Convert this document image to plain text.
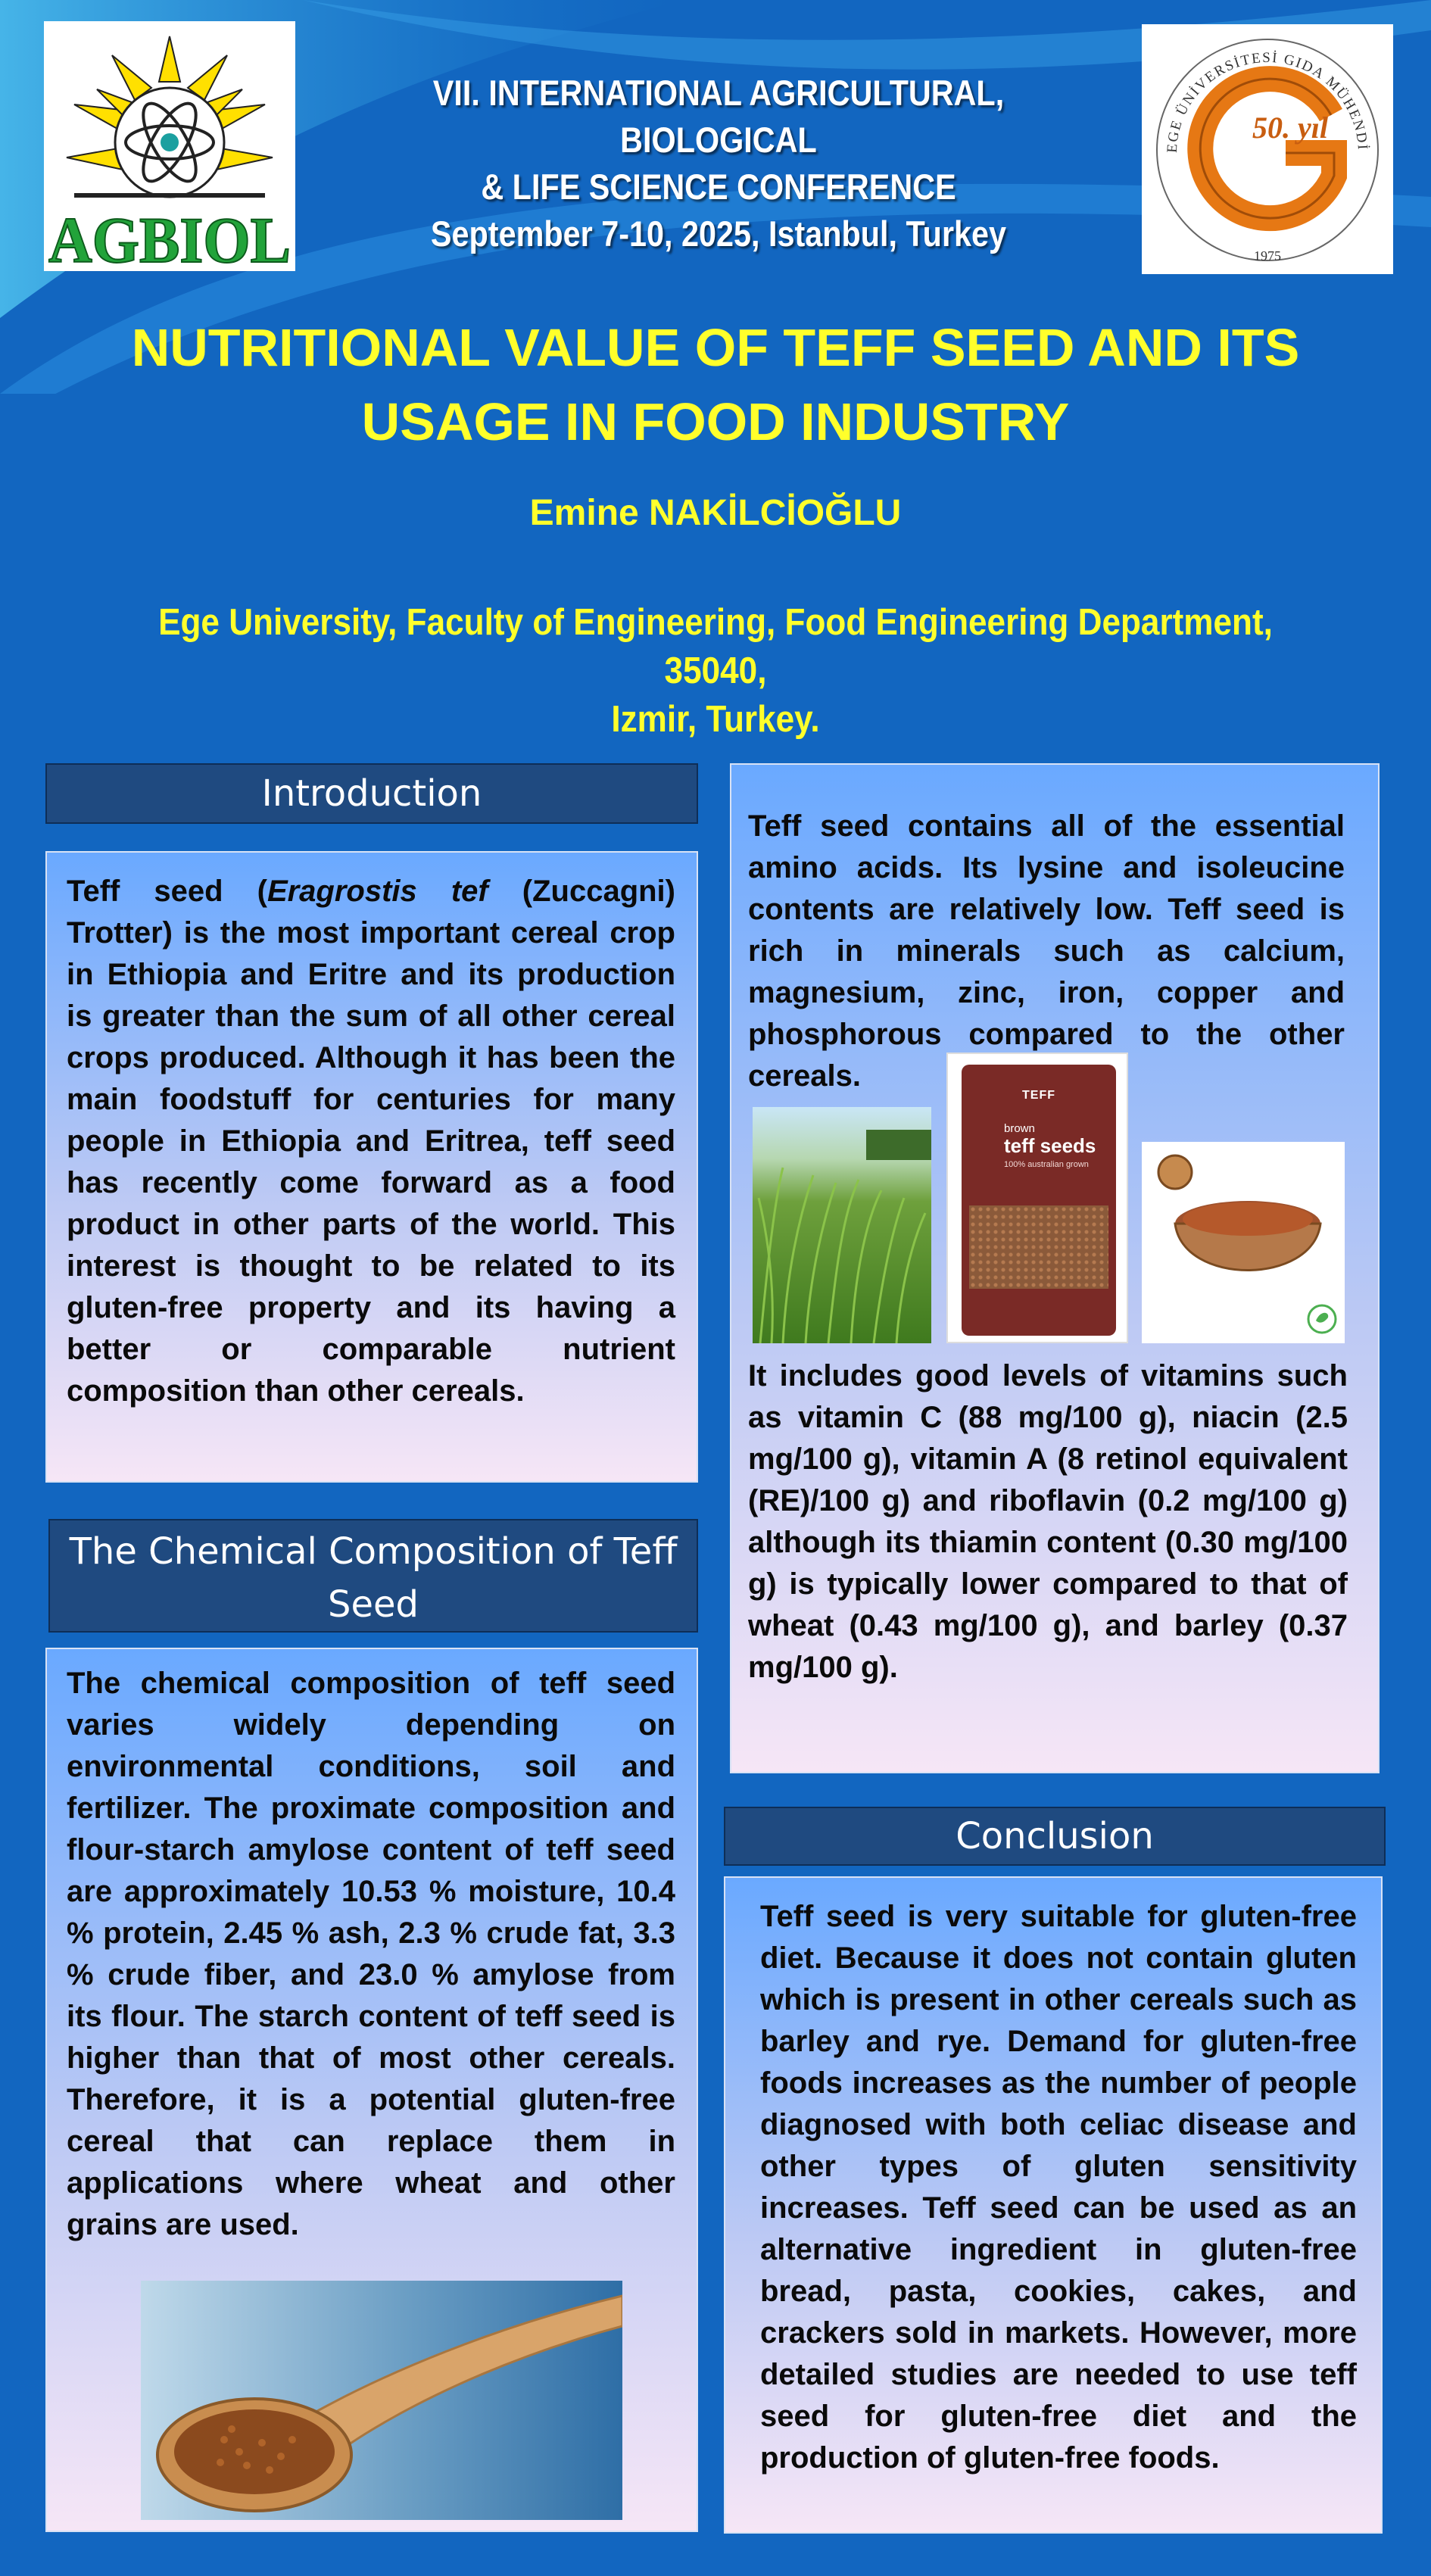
AGBIOL
EGE ÜNİVERSİTESİ GIDA MÜHENDİ
50. yıl
1975
VII. INTERNATIONAL AGRICULTURAL, BIOLOGICAL
& LIFE SCIENCE CONFERENCE
September 7-10, 2025, Istanbul, Turkey
NUTRITIONAL VALUE OF TEFF SEED AND ITS
USAGE IN FOOD INDUSTRY
Emine NAKİLCİOĞLU
Ege University, Faculty of Engineering, Food Engineering Department, 35040,
Izmir, Turkey.
Introduction
Teff seed (Eragrostis tef (Zuccagni) Trotter) is the most important cereal crop in Ethiopia and Eritre and its production is greater than the sum of all other cereal crops produced. Although it has been the main foodstuff for centuries for many people in Ethiopia and Eritrea, teff seed has recently come forward as a food product in other parts of the world. This interest is thought to be related to its gluten-free property and its having a better or comparable nutrient composition than other cereals.
The Chemical Composition of Teff Seed
The chemical composition of teff seed varies widely depending on environmental conditions, soil and fertilizer. The proximate composition and flour-starch amylose content of teff seed are approximately 10.53 % moisture, 10.4 % protein, 2.45 % ash, 2.3 % crude fat, 3.3 % crude fiber, and 23.0 % amylose from its flour. The starch content of teff seed is higher than that of most other cereals. Therefore, it is a potential gluten-free cereal that can replace them in applications where wheat and other grains are used.
Teff seed contains all of the essential amino acids. Its lysine and isoleucine contents are relatively low. Teff seed is rich in minerals such as calcium, magnesium, zinc, iron, copper and phosphorous compared to the other cereals.
TEFF
brown
teff seeds
100% australian grown
It includes good levels of vitamins such as vitamin C (88 mg/100 g), niacin (2.5 mg/100 g), vitamin A (8 retinol equivalent (RE)/100 g) and riboflavin (0.2 mg/100 g) although its thiamin content (0.30 mg/100 g) is typically lower compared to that of wheat (0.43 mg/100 g), and barley (0.37 mg/100 g).
Conclusion
Teff seed is very suitable for gluten-free diet. Because it does not contain gluten which is present in other cereals such as barley and rye. Demand for gluten-free foods increases as the number of people diagnosed with both celiac disease and other types of gluten sensitivity increases. Teff seed can be used as an alternative ingredient in gluten-free bread, pasta, cookies, cakes, and crackers sold in markets. However, more detailed studies are needed to use teff seed for gluten-free diet and the production of gluten-free foods.
